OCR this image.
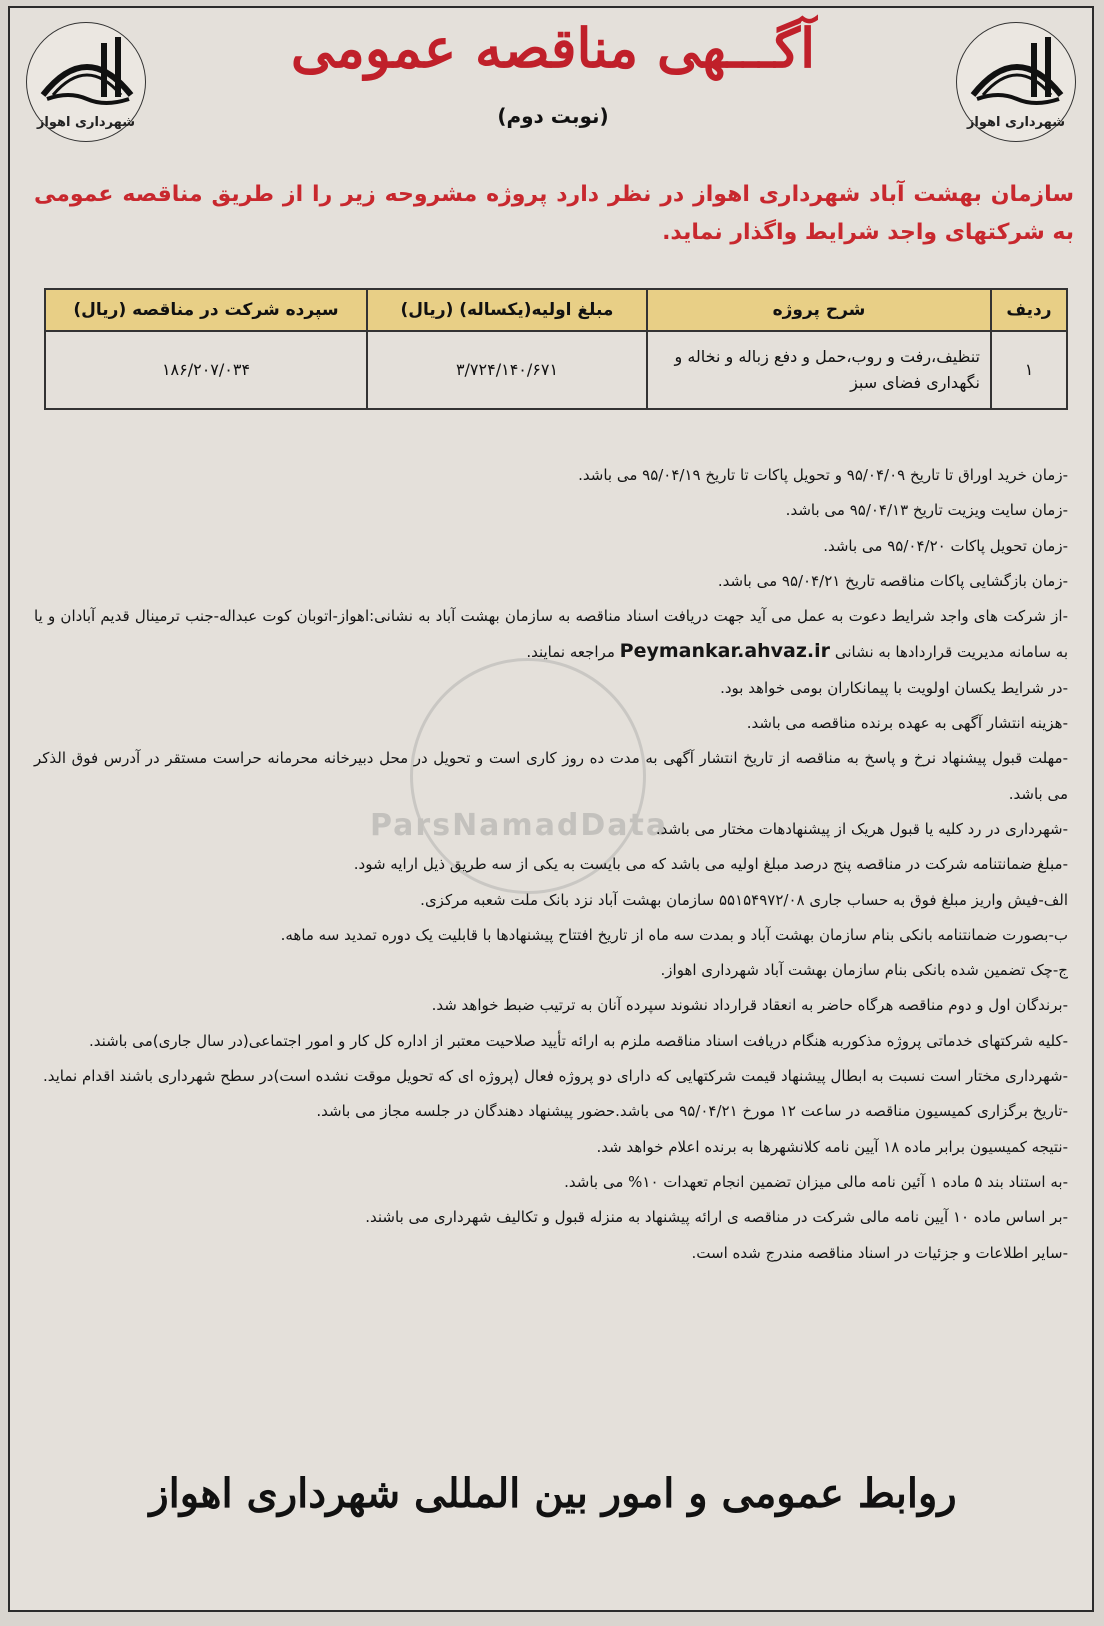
شهرداری اهواز	شهرداری اهواز
آگـــهی مناقصه عمومی
(نوبت دوم)
سازمان بهشت آباد شهرداری اهواز در نظر دارد پروژه مشروحه زیر را از طریق مناقصه عمومی به شرکتهای واجد شرایط واگذار نماید.
ردیف	شرح پروژه	مبلغ اولیه(یکساله) (ریال)	سپرده شرکت در مناقصه (ریال)
۱	تنظیف،رفت و روب،حمل و دفع زباله و نخاله و نگهداری فضای سبز	۳/۷۲۴/۱۴۰/۶۷۱	۱۸۶/۲۰۷/۰۳۴
ParsNamadData

-زمان خرید اوراق تا تاریخ ۹۵/۰۴/۰۹ و تحویل پاکات تا تاریخ ۹۵/۰۴/۱۹ می باشد.

-زمان سایت ویزیت تاریخ ۹۵/۰۴/۱۳ می باشد.

-زمان تحویل پاکات ۹۵/۰۴/۲۰ می باشد.

-زمان بازگشایی پاکات مناقصه تاریخ ۹۵/۰۴/۲۱ می باشد.

-از شرکت های واجد شرایط دعوت به عمل می آید جهت دریافت اسناد مناقصه به سازمان بهشت آباد به نشانی:اهواز-اتوبان کوت عبداله-جنب ترمینال قدیم آبادان و یا به سامانه مدیریت قراردادها به نشانی Peymankar.ahvaz.ir مراجعه نمایند.

-در شرایط یکسان اولویت با پیمانکاران بومی خواهد بود.

-هزینه انتشار آگهی به عهده برنده مناقصه می باشد.

-مهلت قبول پیشنهاد نرخ و پاسخ به مناقصه از تاریخ انتشار آگهی به مدت ده روز کاری است و تحویل در محل دبیرخانه محرمانه حراست مستقر در آدرس فوق الذکر می باشد.

-شهرداری در رد کلیه یا قبول هریک از پیشنهادهات مختار می باشد.

-مبلغ ضمانتنامه شرکت در مناقصه پنج درصد مبلغ اولیه می باشد که می بایست به یکی از سه طریق ذیل ارایه شود.

الف-فیش واریز مبلغ فوق به حساب جاری ۵۵۱۵۴۹۷۲/۰۸ سازمان بهشت آباد نزد بانک ملت شعبه مرکزی.

ب-بصورت ضمانتنامه بانکی بنام سازمان بهشت آباد و بمدت سه ماه از تاریخ افتتاح پیشنهادها با قابلیت یک دوره تمدید سه ماهه.

ج-چک تضمین شده بانکی بنام سازمان بهشت آباد شهرداری اهواز.

-برندگان اول و دوم مناقصه هرگاه حاضر به انعقاد قرارداد نشوند سپرده آنان به ترتیب ضبط خواهد شد.

-کلیه شرکتهای خدماتی پروژه مذکوربه هنگام دریافت اسناد مناقصه ملزم به ارائه تأیید صلاحیت معتبر از اداره کل کار و امور اجتماعی(در سال جاری)می باشند.

-شهرداری مختار است نسبت به ابطال پیشنهاد قیمت شرکتهایی که دارای دو پروژه فعال (پروژه ای که تحویل موقت نشده است)در سطح شهرداری باشند اقدام نماید.

-تاریخ برگزاری کمیسیون مناقصه در ساعت ۱۲ مورخ ۹۵/۰۴/۲۱ می باشد.حضور پیشنهاد دهندگان در جلسه مجاز می باشد.

-نتیجه کمیسیون برابر ماده ۱۸ آیین نامه کلانشهرها به برنده اعلام خواهد شد.

-به استناد بند ۵ ماده ۱ آئین نامه مالی میزان تضمین انجام تعهدات ۱۰% می باشد.

-بر اساس ماده ۱۰ آیین نامه مالی شرکت در مناقصه ی ارائه پیشنهاد به منزله قبول و تکالیف شهرداری می باشند.

-سایر اطلاعات و جزئیات در اسناد مناقصه مندرج شده است.

روابط عمومی و امور بین المللی شهرداری اهواز
